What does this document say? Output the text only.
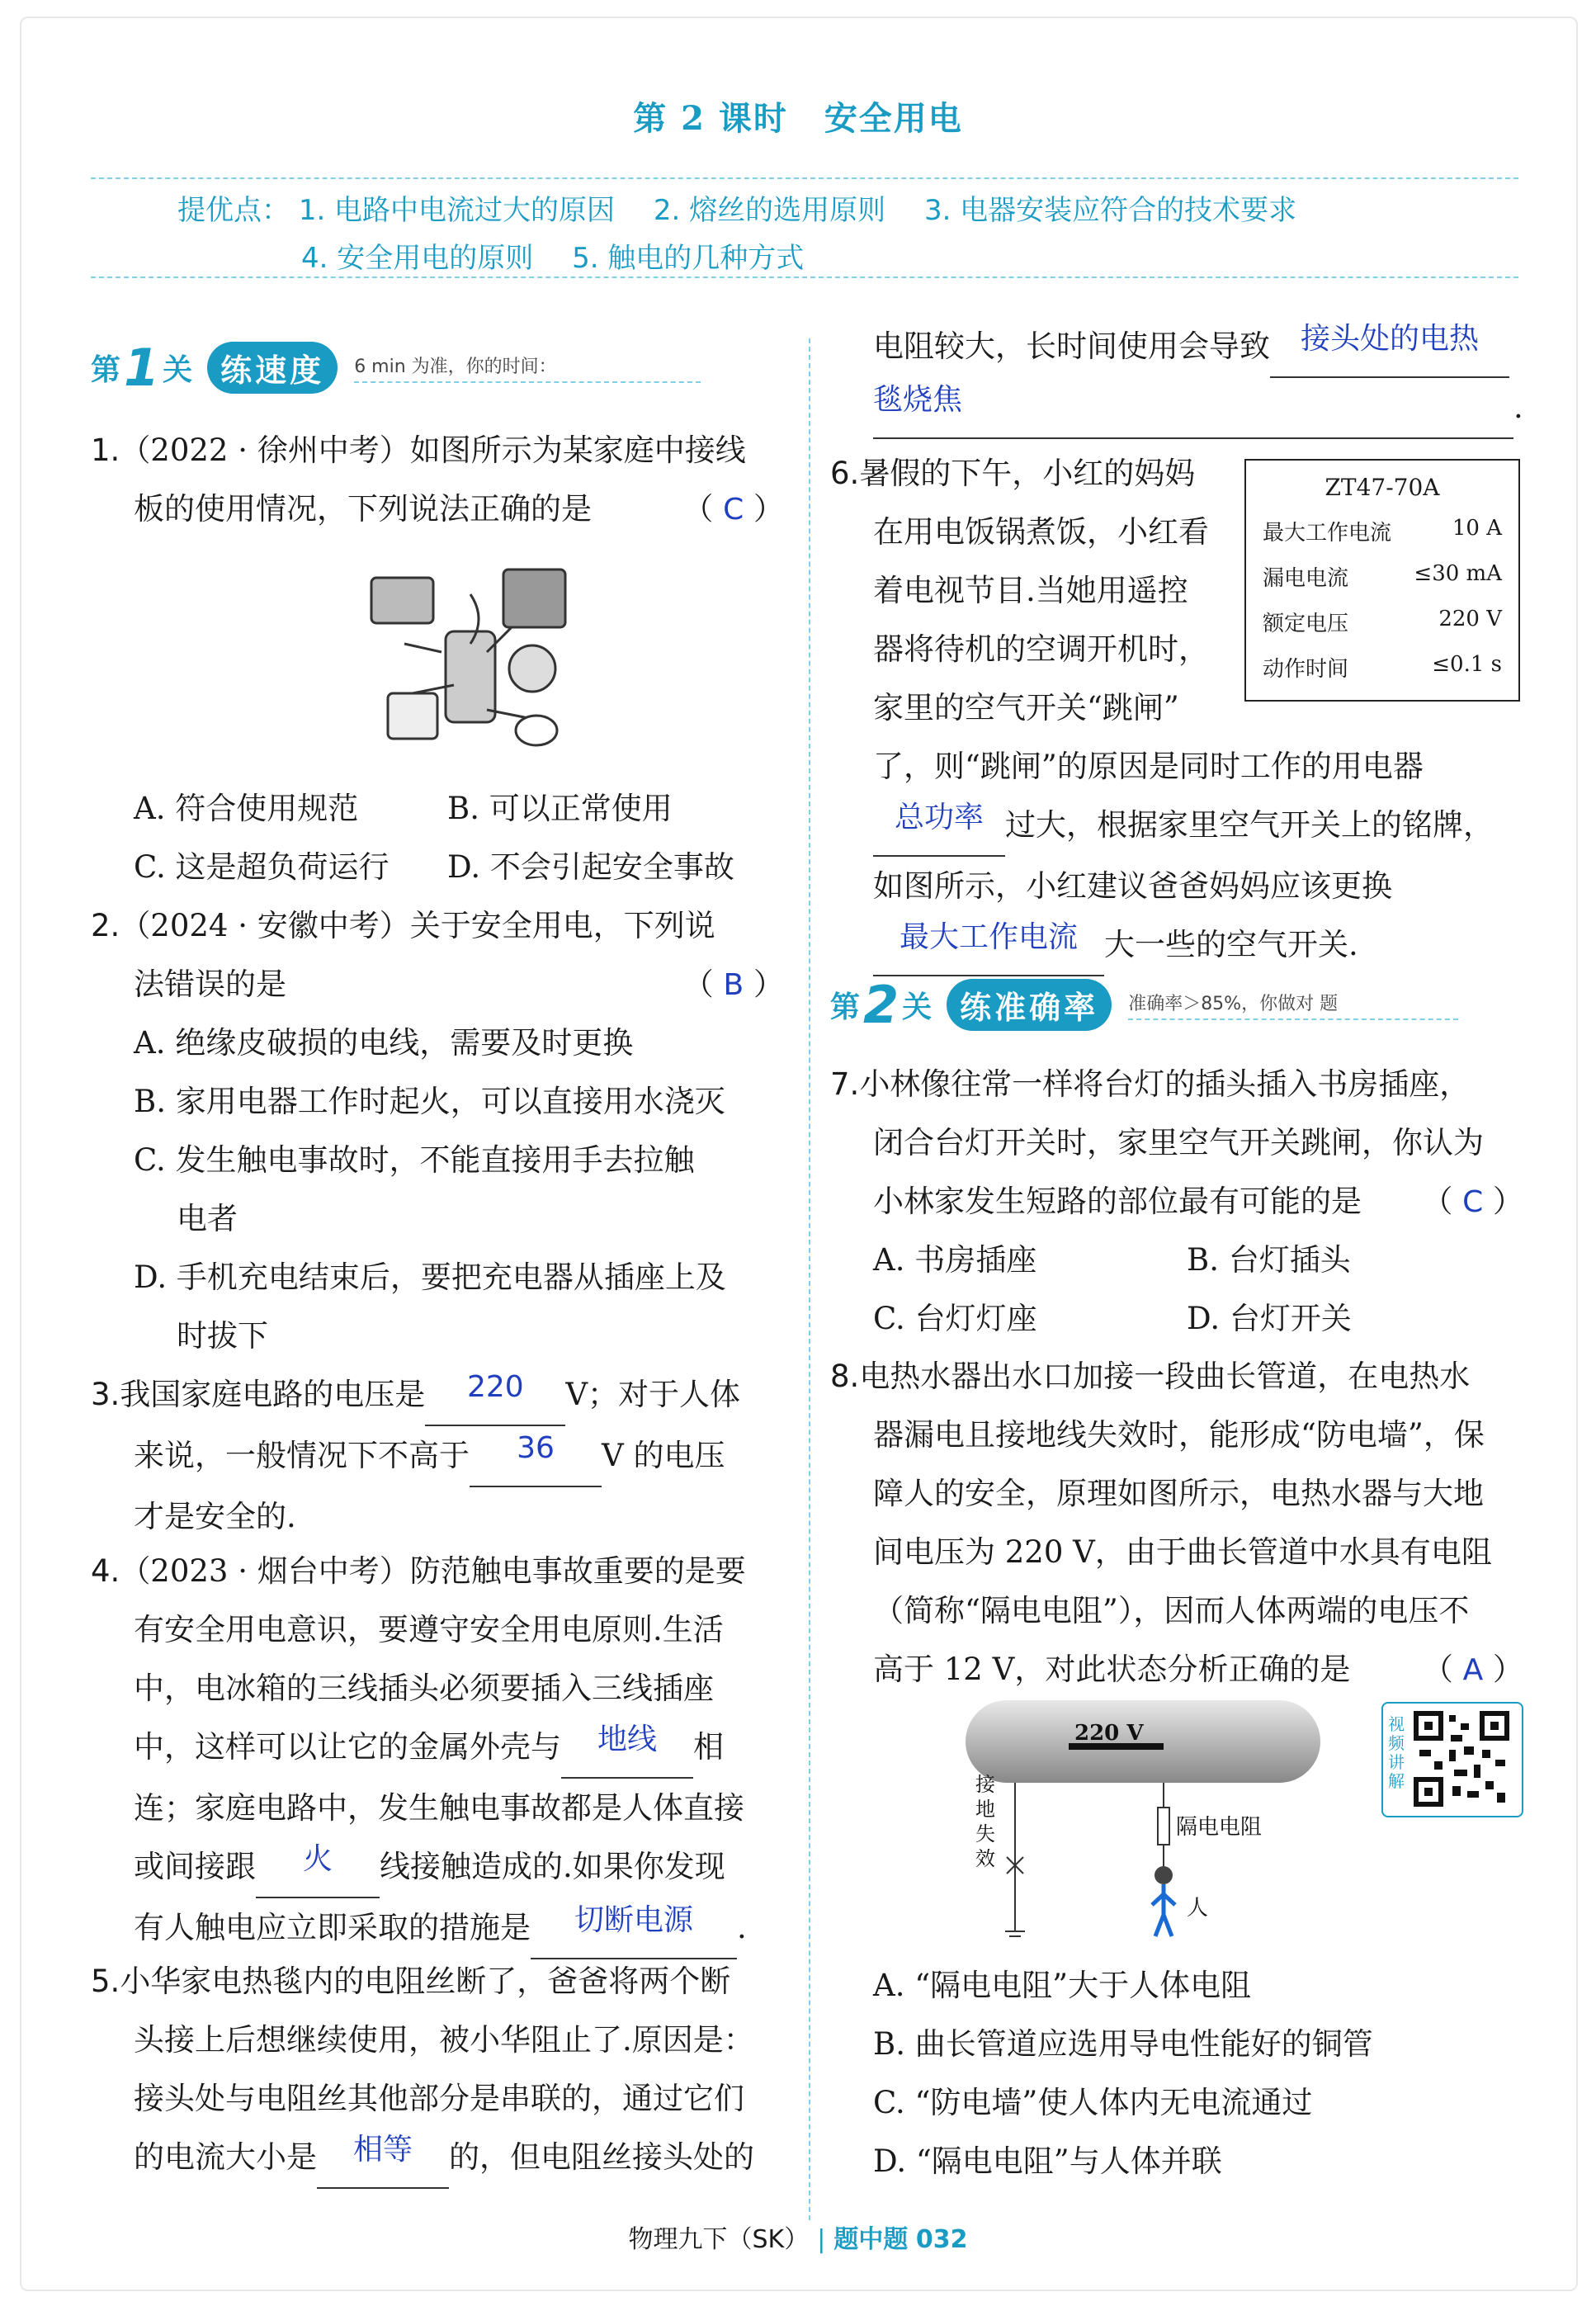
第 2 课时 安全用电
提优点： 1. 电路中电流过大的原因 2. 熔丝的选用原则 3. 电器安装应符合的技术要求
4. 安全用电的原则 5. 触电的几种方式
第 1 关 练速度	6 min 为准，你的时间：
1.（2022 · 徐州中考）如图所示为某家庭中接线
板的使用情况，下列说法正确的是	（ C ）
A. 符合使用规范	B. 可以正常使用
C. 这是超负荷运行 D. 不会引起安全事故
2.（2024 · 安徽中考）关于安全用电，下列说
法错误的是	（ B ）
A. 绝缘皮破损的电线，需要及时更换
B. 家用电器工作时起火，可以直接用水浇灭
C. 发生触电事故时，不能直接用手去拉触
电者
D. 手机充电结束后，要把充电器从插座上及
时拔下
3.我国家庭电路的电压是 220 V；对于人体
来说，一般情况下不高于 36 V 的电压
才是安全的.
4.（2023 · 烟台中考）防范触电事故重要的是要
有安全用电意识，要遵守安全用电原则.生活
中，电冰箱的三线插头必须要插入三线插座
中，这样可以让它的金属外壳与 地线 相
连；家庭电路中，发生触电事故都是人体直接
或间接跟 火 线接触造成的.如果你发现
有人触电应立即采取的措施是 切断电源 .
5.小华家电热毯内的电阻丝断了，爸爸将两个断
头接上后想继续使用，被小华阻止了.原因是：
接头处与电阻丝其他部分是串联的，通过它们
的电流大小是 相等 的，但电阻丝接头处的
电阻较大，长时间使用会导致 接头处的电热
毯烧焦	.
6.暑假的下午，小红的妈妈
在用电饭锅煮饭，小红看
着电视节目.当她用遥控
器将待机的空调开机时，
家里的空气开关“跳闸”
了，则“跳闸”的原因是同时工作的用电器
总功率 过大，根据家里空气开关上的铭牌，
如图所示，小红建议爸爸妈妈应该更换
最大工作电流 大一些的空气开关.
ZT47-70A
最大工作电流	10 A
漏电电流	≤30 mA
额定电压	220 V
动作时间	≤0.1 s
第 2 关 练准确率	准确率＞85%，你做对 题
7.小林像往常一样将台灯的插头插入书房插座，
闭合台灯开关时，家里空气开关跳闸，你认为
小林家发生短路的部位最有可能的是 （ C ）
A. 书房插座	B. 台灯插头
C. 台灯灯座	D. 台灯开关
8.电热水器出水口加接一段曲长管道，在电热水
器漏电且接地线失效时，能形成“防电墙”，保
障人的安全，原理如图所示，电热水器与大地
间电压为 220 V，由于曲长管道中水具有电阻
（简称“隔电电阻”），因而人体两端的电压不
高于 12 V，对此状态分析正确的是 （ A ）
220 V
接地失效
隔电电阻
人
视频讲解
A. “隔电电阻”大于人体电阻
B. 曲长管道应选用导电性能好的铜管
C. “防电墙”使人体内无电流通过
D. “隔电电阻”与人体并联
物理九下（SK） | 题中题 032
